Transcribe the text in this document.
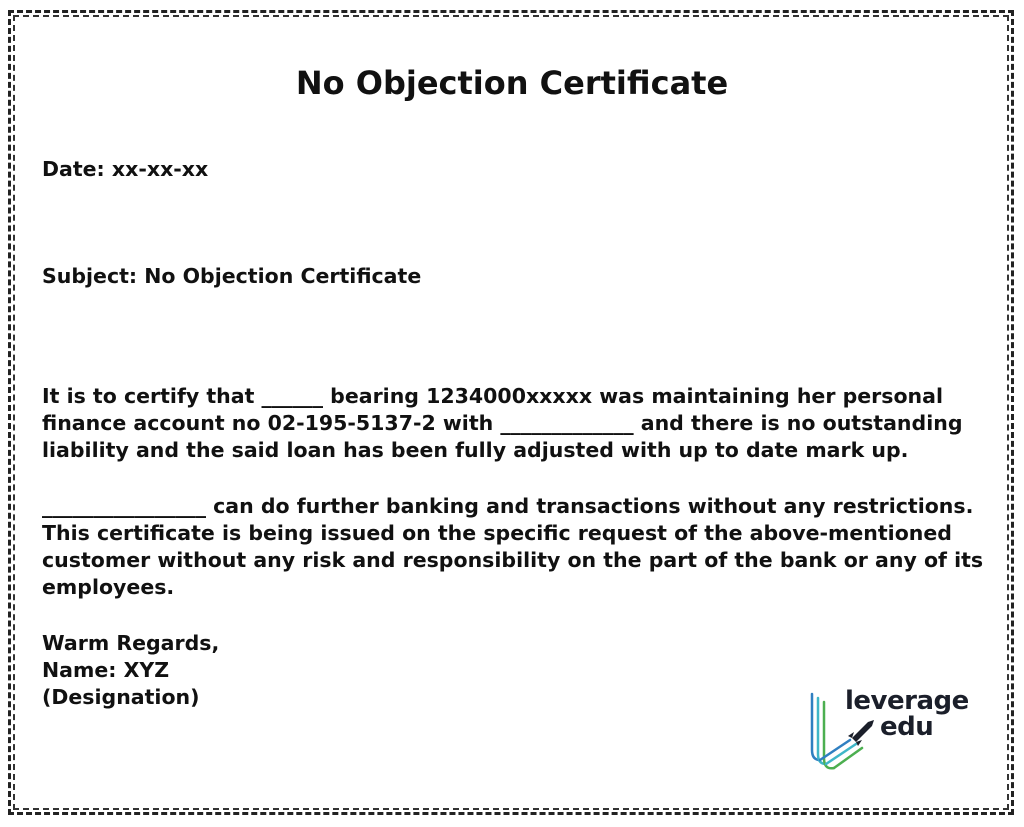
No Objection Certificate
Date: xx-xx-xx
Subject: No Objection Certificate
It is to certify that ______ bearing 1234000xxxxx was maintaining her personal
finance account no 02-195-5137-2 with _____________ and there is no outstanding
liability and the said loan has been fully adjusted with up to date mark up.
________________ can do further banking and transactions without any restrictions.
This certificate is being issued on the specific request of the above-mentioned
customer without any risk and responsibility on the part of the bank or any of its
employees.
Warm Regards,
Name: XYZ
(Designation)	leverage
edu
